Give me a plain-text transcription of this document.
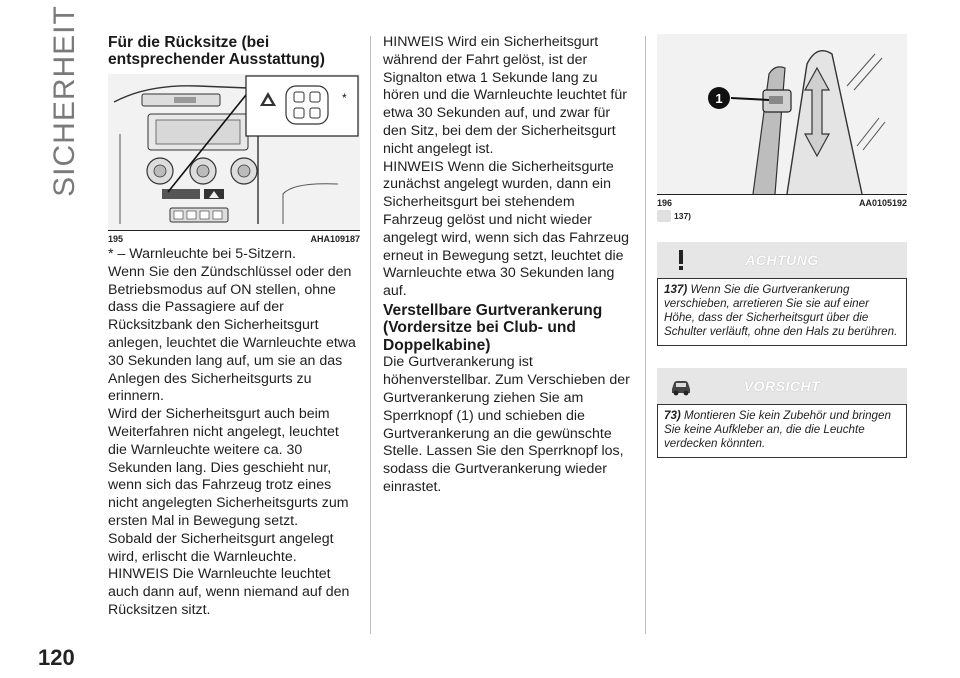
SICHERHEIT Für die Rücksitze (bei entsprechender Ausstattung)
*
195	AHA109187

* – Warnleuchte bei 5-Sitzern.

Wenn Sie den Zündschlüssel oder den Betriebsmodus auf ON stellen, ohne dass die Passagiere auf der Rücksitzbank den Sicherheitsgurt anlegen, leuchtet die Warnleuchte etwa 30 Sekunden lang auf, um sie an das Anlegen des Sicherheitsgurts zu erinnern.

Wird der Sicherheitsgurt auch beim Weiterfahren nicht angelegt, leuchtet die Warnleuchte weitere ca. 30 Sekunden lang. Dies geschieht nur, wenn sich das Fahrzeug trotz eines nicht angelegten Sicherheitsgurts zum ersten Mal in Bewegung setzt.

Sobald der Sicherheitsgurt angelegt wird, erlischt die Warnleuchte.

HINWEIS Die Warnleuchte leuchtet auch dann auf, wenn niemand auf den Rücksitzen sitzt.

HINWEIS Wird ein Sicherheitsgurt während der Fahrt gelöst, ist der Signalton etwa 1 Sekunde lang zu hören und die Warnleuchte leuchtet für etwa 30 Sekunden auf, und zwar für den Sitz, bei dem der Sicherheitsgurt nicht angelegt ist.

HINWEIS Wenn die Sicherheitsgurte zunächst angelegt wurden, dann ein Sicherheitsgurt bei stehendem Fahrzeug gelöst und nicht wieder angelegt wird, wenn sich das Fahrzeug erneut in Bewegung setzt, leuchtet die Warnleuchte etwa 30 Sekunden lang auf.

Verstellbare Gurtverankerung (Vordersitze bei Club- und Doppelkabine)

Die Gurtverankerung ist höhenverstellbar. Zum Verschieben der Gurtverankerung ziehen Sie am Sperrknopf (1) und schieben die Gurtverankerung an die gewünschte Stelle. Lassen Sie den Sperrknopf los, sodass die Gurtverankerung wieder einrastet.

1
196	AA0105192
137)
ACHTUNG
137) Wenn Sie die Gurtverankerung verschieben, arretieren Sie sie auf einer Höhe, dass der Sicherheitsgurt über die Schulter verläuft, ohne den Hals zu berühren.
VORSICHT
73) Montieren Sie kein Zubehör und bringen Sie keine Aufkleber an, die die Leuchte verdecken könnten.
120
